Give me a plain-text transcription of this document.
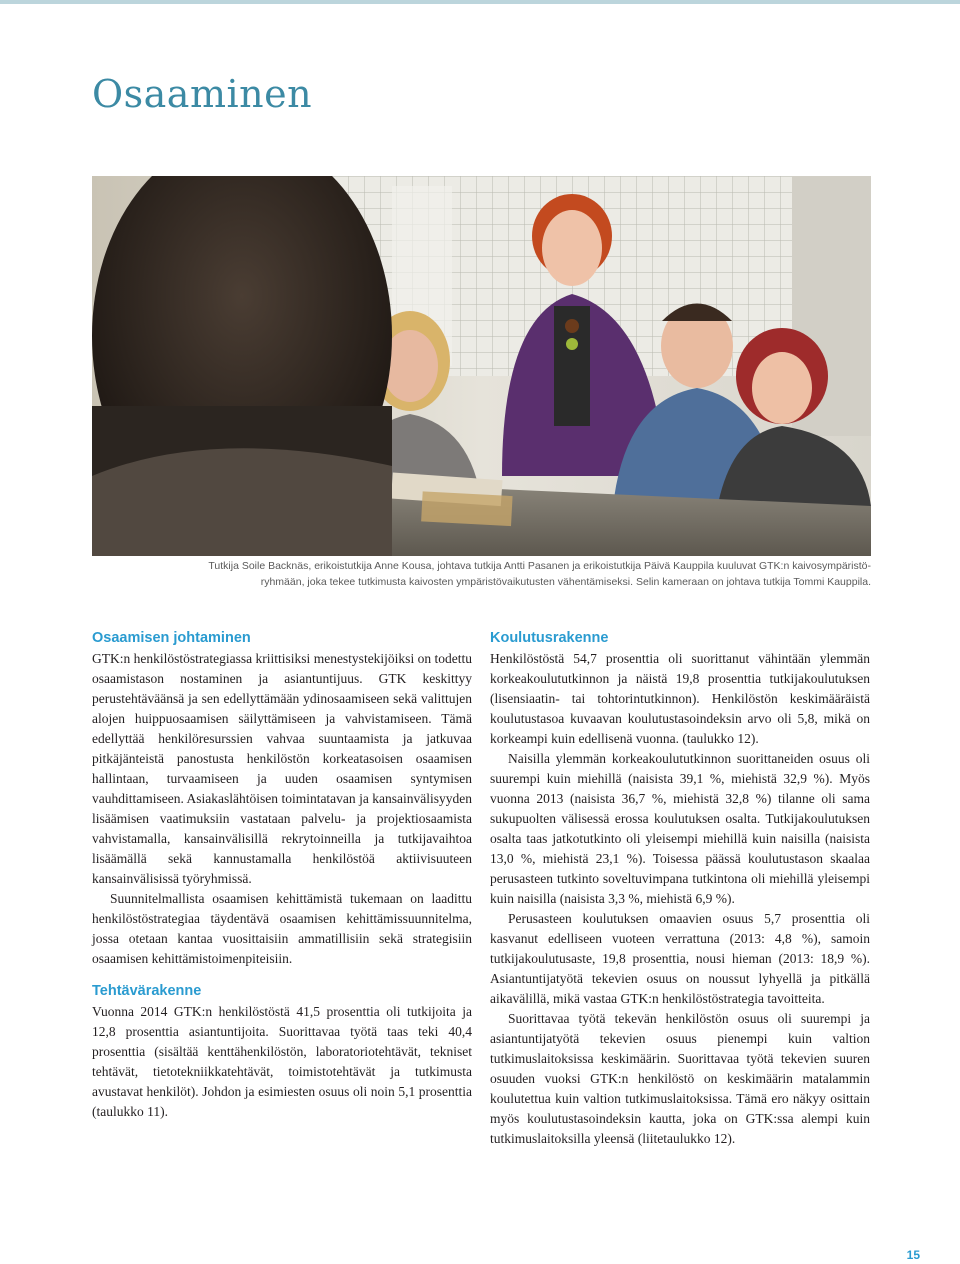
Osaaminen

Tutkija Soile Backnäs, erikoistutkija Anne Kousa, johtava tutkija Antti Pasanen ja erikoistutkija Päivä Kauppila kuuluvat GTK:n kaivosympäristö-
ryhmään, joka tekee tutkimusta kaivosten ympäristövaikutusten vähentämiseksi. Selin kameraan on johtava tutkija Tommi Kauppila.

Osaamisen johtaminen

GTK:n henkilöstöstrategiassa kriittisiksi menestystekijöiksi on todettu osaamistason nostaminen ja asiantuntijuus. GTK keskittyy perustehtäväänsä ja sen edellyttämään ydinosaamiseen sekä valittujen alojen huippuosaamisen säilyttämiseen ja vahvistamiseen. Tämä edellyttää henkilöresurssien vahvaa suuntaamista ja jatkuvaa pitkäjänteistä panostusta henkilöstön korkeatasoisen osaamisen hallintaan, turvaamiseen ja uuden osaamisen syntymisen vauhdittamiseen. Asiakaslähtöisen toimintatavan ja kansainvälisyyden lisäämisen vaatimuksiin vastataan palvelu- ja projektiosaamista vahvistamalla, kansainvälisillä rekrytoinneilla ja tutkijavaihtoa lisäämällä sekä kannustamalla henkilöstöä aktiivisuuteen kansainvälisissä työryhmissä.

Suunnitelmallista osaamisen kehittämistä tukemaan on laadittu henkilöstöstrategiaa täydentävä osaamisen kehittämissuunnitelma, jossa otetaan kantaa vuosittaisiin ammatillisiin sekä strategisiin osaamisen kehittämistoimenpiteisiin.

Tehtävärakenne

Vuonna 2014 GTK:n henkilöstöstä 41,5 prosenttia oli tutkijoita ja 12,8 prosenttia asiantuntijoita. Suorittavaa työtä taas teki 40,4 prosenttia (sisältää kenttähenkilöstön, laboratoriotehtävät, tekniset tehtävät, tietotekniikkatehtävät, toimistotehtävät ja tutkimusta avustavat henkilöt). Johdon ja esimiesten osuus oli noin 5,1 prosenttia (taulukko 11).

Koulutusrakenne

Henkilöstöstä 54,7 prosenttia oli suorittanut vähintään ylemmän korkeakoulututkinnon ja näistä 19,8 prosenttia tutkijakoulutuksen (lisensiaatin- tai tohtorintutkinnon). Henkilöstön keskimääräistä koulutustasoa kuvaavan koulutustasoindeksin arvo oli 5,8, mikä on korkeampi kuin edellisenä vuonna. (taulukko 12).

Naisilla ylemmän korkeakoulututkinnon suorittaneiden osuus oli suurempi kuin miehillä (naisista 39,1 %, miehistä 32,9 %). Myös vuonna 2013 (naisista 36,7 %, miehistä 32,8 %) tilanne oli sama sukupuolten välisessä erossa koulutuksen osalta. Tutkijakoulutuksen osalta taas jatkotutkinto oli yleisempi miehillä kuin naisilla (naisista 13,0 %, miehistä 23,1 %). Toisessa päässä koulutustason skaalaa perusasteen tutkinto soveltuvimpana tutkintona oli miehillä yleisempi kuin naisilla (naisista 3,3 %, miehistä 6,9 %).

Perusasteen koulutuksen omaavien osuus 5,7 prosenttia oli kasvanut edelliseen vuoteen verrattuna (2013: 4,8 %), samoin tutkijakoulutusaste, 19,8 prosenttia, nousi hieman (2013: 18,9 %). Asiantuntijatyötä tekevien osuus on noussut lyhyellä ja pitkällä aikavälillä, mikä vastaa GTK:n henkilöstöstrategia tavoitteita.

Suorittavaa työtä tekevän henkilöstön osuus oli suurempi ja asiantuntijatyötä tekevien osuus pienempi kuin valtion tutkimuslaitoksissa keskimäärin. Suorittavaa työtä tekevien suuren osuuden vuoksi GTK:n henkilöstö on keskimäärin matalammin koulutettua kuin valtion tutkimuslaitoksissa. Tämä ero näkyy osittain myös koulutustasoindeksin kautta, joka on GTK:ssa alempi kuin tutkimuslaitoksilla yleensä (liitetaulukko 12).

15
